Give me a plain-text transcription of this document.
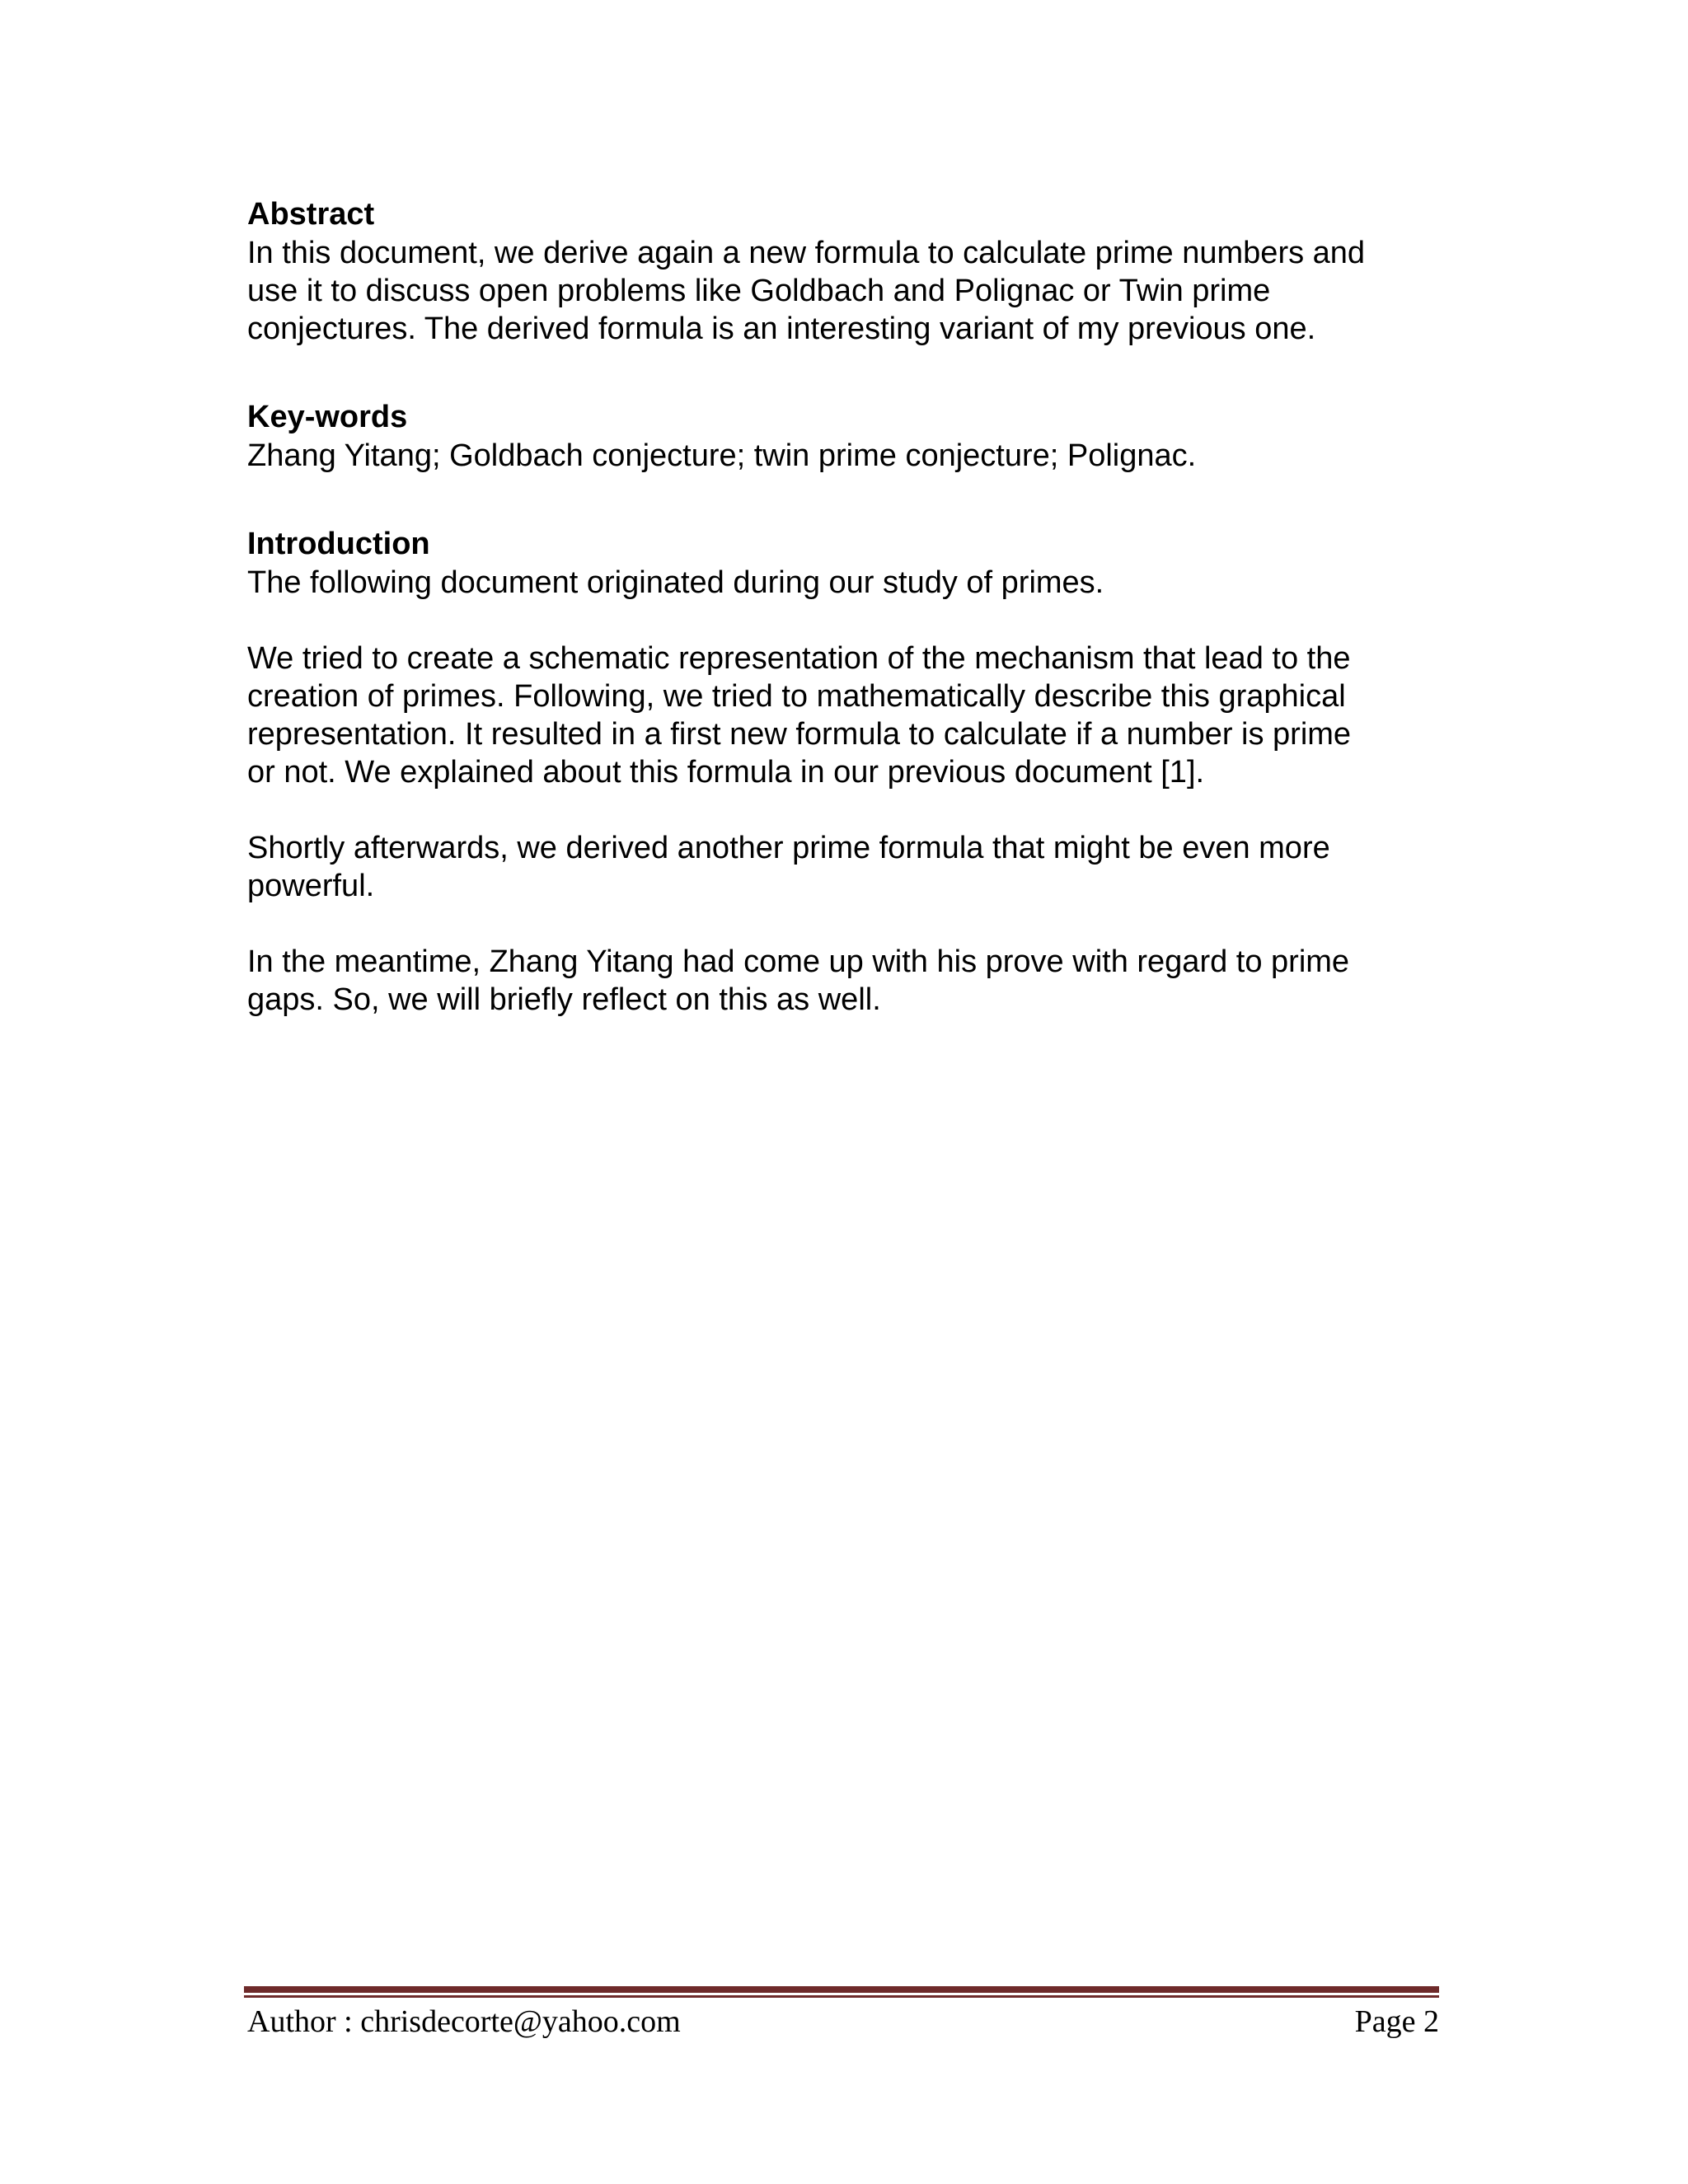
Abstract

In this document, we derive again a new formula to calculate prime numbers and

use it to discuss open problems like Goldbach and Polignac or Twin prime

conjectures. The derived formula is an interesting variant of my previous one.

Key-words

Zhang Yitang; Goldbach conjecture; twin prime conjecture; Polignac.

Introduction

The following document originated during our study of primes.

We tried to create a schematic representation of the mechanism that lead to the

creation of primes. Following, we tried to mathematically describe this graphical

representation. It resulted in a first new formula to calculate if a number is prime

or not. We explained about this formula in our previous document [1].

Shortly afterwards, we derived another prime formula that might be even more

powerful.

In the meantime, Zhang Yitang had come up with his prove with regard to prime

gaps. So, we will briefly reflect on this as well.

Author : chrisdecorte@yahoo.com	Page 2
